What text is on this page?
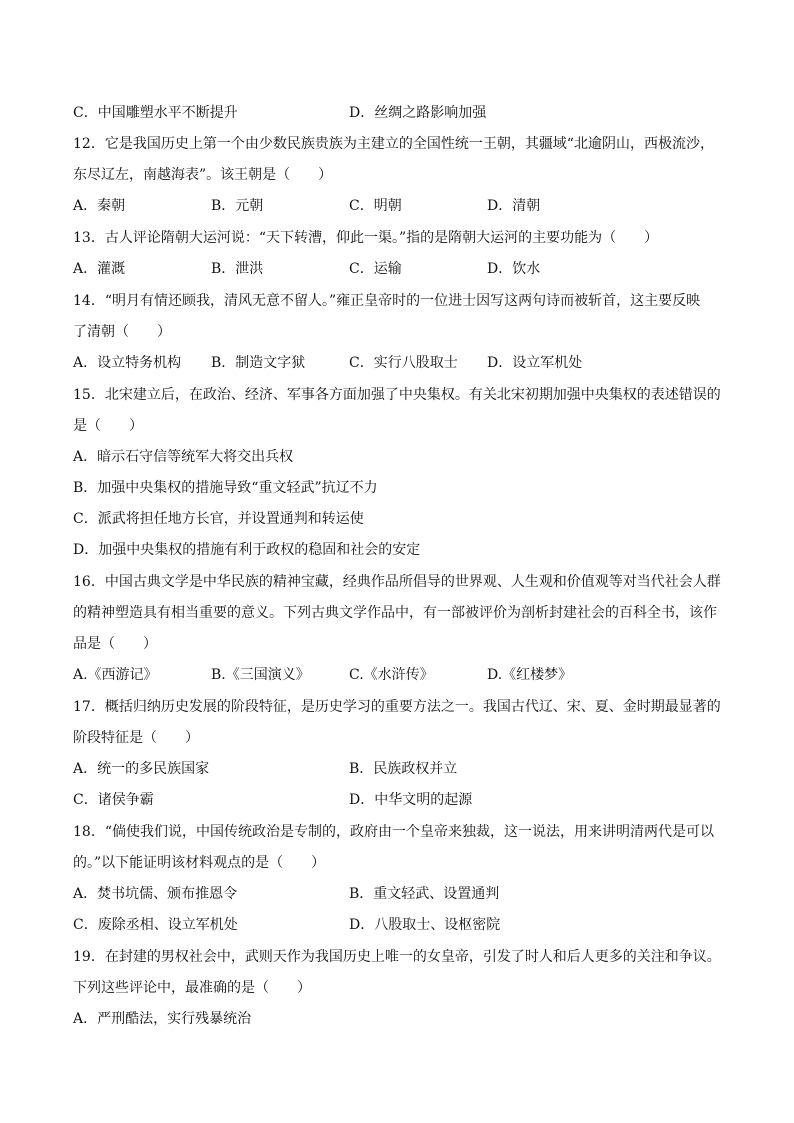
C．中国雕塑水平不断提升	D．丝绸之路影响加强
12．它是我国历史上第一个由少数民族贵族为主建立的全国性统一王朝，其疆域“北逾阴山，西极流沙，
东尽辽左，南越海表”。该王朝是（　　）
A．秦朝	B．元朝	C．明朝	D．清朝
13．古人评论隋朝大运河说：“天下转漕，仰此一渠。”指的是隋朝大运河的主要功能为（　　）
A．灌溉	B．泄洪	C．运输	D．饮水
14．“明月有情还顾我，清风无意不留人。”雍正皇帝时的一位进士因写这两句诗而被斩首，这主要反映
了清朝（　　）
A．设立特务机构 B．制造文字狱	C．实行八股取士 D．设立军机处
15．北宋建立后，在政治、经济、军事各方面加强了中央集权。有关北宋初期加强中央集权的表述错误的
是（　　）
A．暗示石守信等统军大将交出兵权
B．加强中央集权的措施导致“重文轻武”抗辽不力
C．派武将担任地方长官，并设置通判和转运使
D．加强中央集权的措施有利于政权的稳固和社会的安定
16．中国古典文学是中华民族的精神宝藏，经典作品所倡导的世界观、人生观和价值观等对当代社会人群
的精神塑造具有相当重要的意义。下列古典文学作品中，有一部被评价为剖析封建社会的百科全书，该作
品是（　　）
A.《西游记》	B.《三国演义》	C.《水浒传》	D.《红楼梦》
17．概括归纳历史发展的阶段特征，是历史学习的重要方法之一。我国古代辽、宋、夏、金时期最显著的
阶段特征是（　　）
A．统一的多民族国家	B．民族政权并立
C．诸侯争霸	D．中华文明的起源
18．“倘使我们说，中国传统政治是专制的，政府由一个皇帝来独裁，这一说法，用来讲明清两代是可以
的。”以下能证明该材料观点的是（　　）
A．焚书坑儒、颁布推恩令	B．重文轻武、设置通判
C．废除丞相、设立军机处	D．八股取士、设枢密院
19．在封建的男权社会中，武则天作为我国历史上唯一的女皇帝，引发了时人和后人更多的关注和争议。
下列这些评论中，最准确的是（　　）
A．严刑酷法，实行残暴统治
